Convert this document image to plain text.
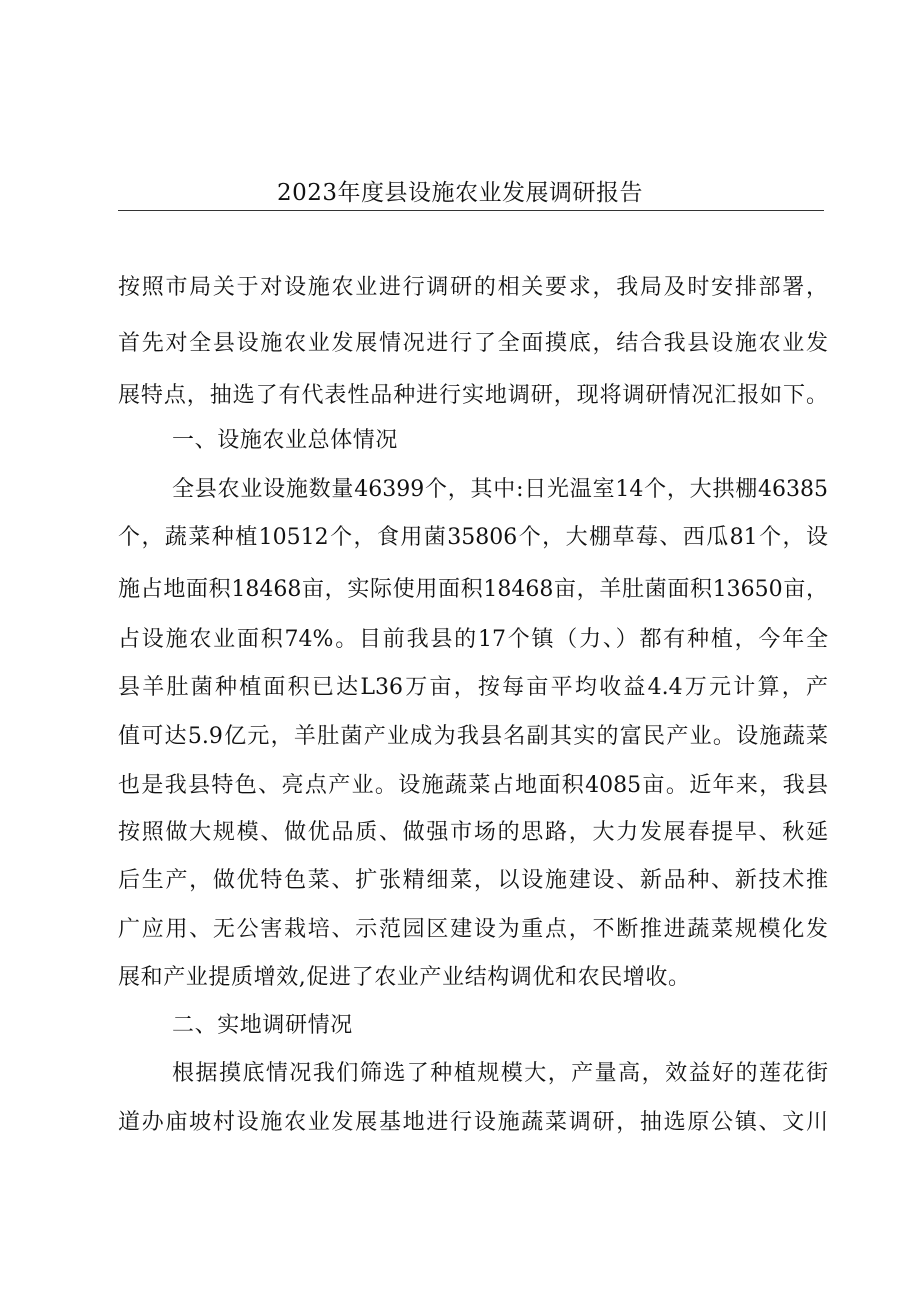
2023年度县设施农业发展调研报告

按照市局关于对设施农业进行调研的相关要求，我局及时安排部署，

首先对全县设施农业发展情况进行了全面摸底，结合我县设施农业发

展特点，抽选了有代表性品种进行实地调研，现将调研情况汇报如下。

一、设施农业总体情况

全县农业设施数量46399个，其中:日光温室14个，大拱棚46385

个，蔬菜种植10512个，食用菌35806个，大棚草莓、西瓜81个，设

施占地面积18468亩，实际使用面积18468亩，羊肚菌面积13650亩，

占设施农业面积74%。目前我县的17个镇（力、）都有种植，今年全

县羊肚菌种植面积已达L36万亩，按每亩平均收益4.4万元计算，产

值可达5.9亿元，羊肚菌产业成为我县名副其实的富民产业。设施蔬菜

也是我县特色、亮点产业。设施蔬菜占地面积4085亩。近年来，我县

按照做大规模、做优品质、做强市场的思路，大力发展春提早、秋延

后生产，做优特色菜、扩张精细菜，以设施建设、新品种、新技术推

广应用、无公害栽培、示范园区建设为重点，不断推进蔬菜规模化发

展和产业提质增效,促进了农业产业结构调优和农民增收。

二、实地调研情况

根据摸底情况我们筛选了种植规模大，产量高，效益好的莲花街

道办庙坡村设施农业发展基地进行设施蔬菜调研，抽选原公镇、文川
